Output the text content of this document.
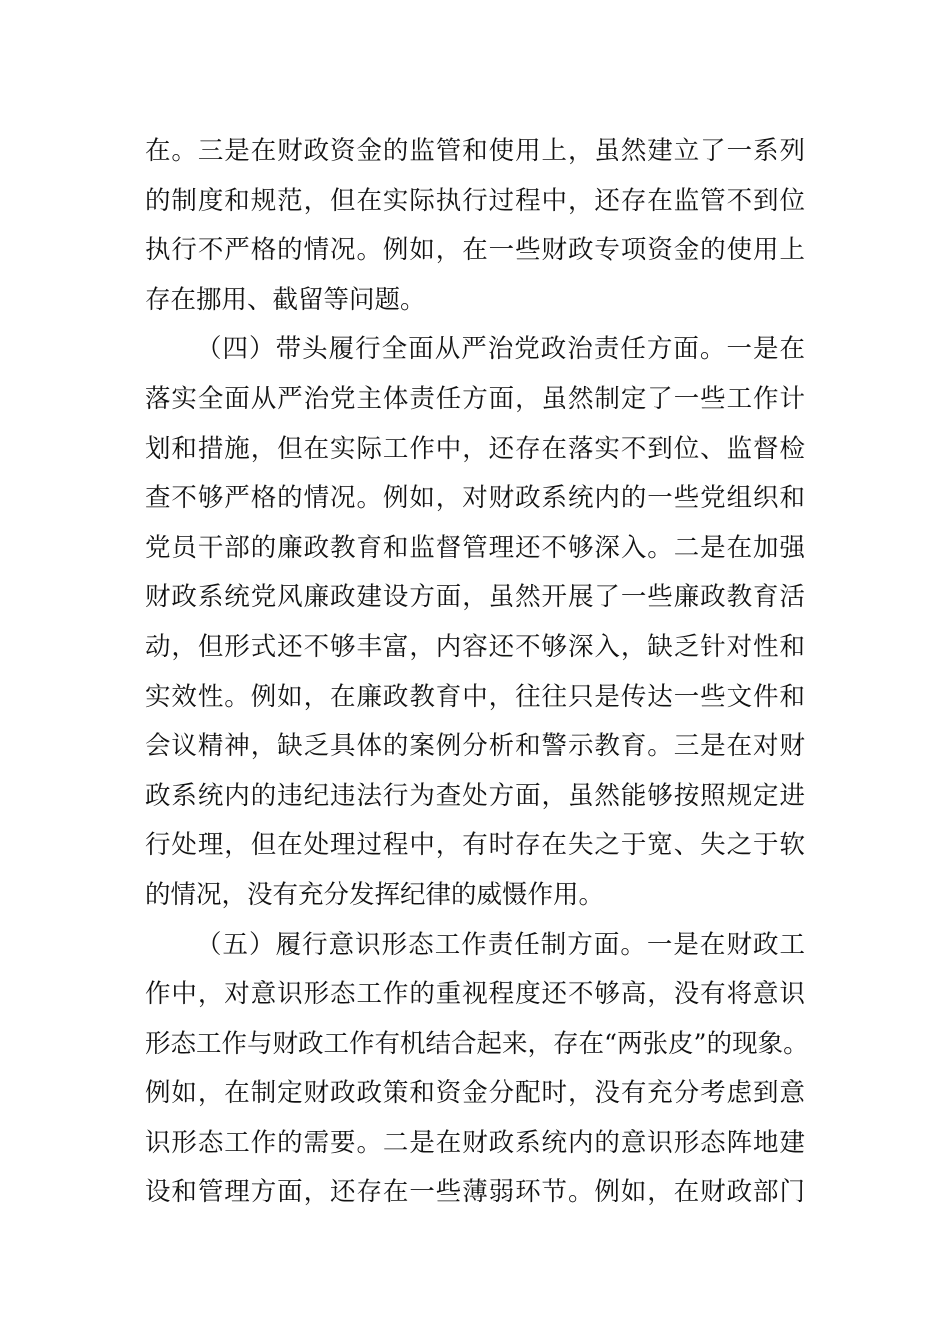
在。三是在财政资金的监管和使用上，虽然建立了一系列
的制度和规范，但在实际执行过程中，还存在监管不到位
执行不严格的情况。例如，在一些财政专项资金的使用上
存在挪用、截留等问题。
（四）带头履行全面从严治党政治责任方面。一是在
落实全面从严治党主体责任方面，虽然制定了一些工作计
划和措施，但在实际工作中，还存在落实不到位、监督检
查不够严格的情况。例如，对财政系统内的一些党组织和
党员干部的廉政教育和监督管理还不够深入。二是在加强
财政系统党风廉政建设方面，虽然开展了一些廉政教育活
动，但形式还不够丰富，内容还不够深入，缺乏针对性和
实效性。例如，在廉政教育中，往往只是传达一些文件和
会议精神，缺乏具体的案例分析和警示教育。三是在对财
政系统内的违纪违法行为查处方面，虽然能够按照规定进
行处理，但在处理过程中，有时存在失之于宽、失之于软
的情况，没有充分发挥纪律的威慑作用。
（五）履行意识形态工作责任制方面。一是在财政工
作中，对意识形态工作的重视程度还不够高，没有将意识
形态工作与财政工作有机结合起来，存在“两张皮”的现象。
例如，在制定财政政策和资金分配时，没有充分考虑到意
识形态工作的需要。二是在财政系统内的意识形态阵地建
设和管理方面，还存在一些薄弱环节。例如，在财政部门
